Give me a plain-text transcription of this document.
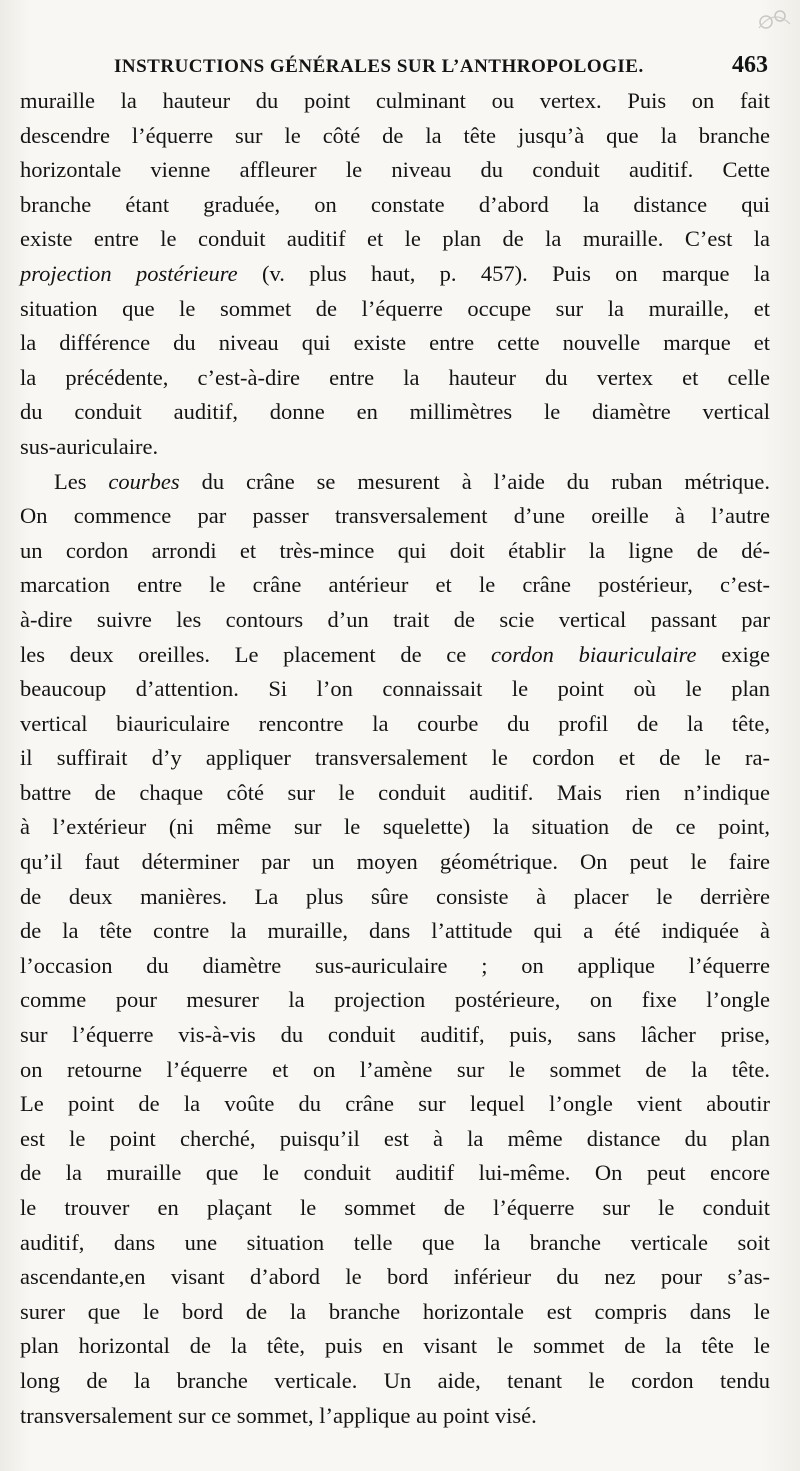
INSTRUCTIONS GÉNÉRALES SUR L’ANTHROPOLOGIE.	463
muraille la hauteur du point culminant ou vertex. Puis on fait
descendre l’équerre sur le côté de la tête jusqu’à que la branche
horizontale vienne affleurer le niveau du conduit auditif. Cette
branche étant graduée, on constate d’abord la distance qui
existe entre le conduit auditif et le plan de la muraille. C’est la
projection postérieure (v. plus haut, p. 457). Puis on marque la
situation que le sommet de l’équerre occupe sur la muraille, et
la différence du niveau qui existe entre cette nouvelle marque et
la précédente, c’est-à-dire entre la hauteur du vertex et celle
du conduit auditif, donne en millimètres le diamètre vertical
sus-auriculaire.
Les courbes du crâne se mesurent à l’aide du ruban métrique.
On commence par passer transversalement d’une oreille à l’autre
un cordon arrondi et très-mince qui doit établir la ligne de dé-
marcation entre le crâne antérieur et le crâne postérieur, c’est-
à-dire suivre les contours d’un trait de scie vertical passant par
les deux oreilles. Le placement de ce cordon biauriculaire exige
beaucoup d’attention. Si l’on connaissait le point où le plan
vertical biauriculaire rencontre la courbe du profil de la tête,
il suffirait d’y appliquer transversalement le cordon et de le ra-
battre de chaque côté sur le conduit auditif. Mais rien n’indique
à l’extérieur (ni même sur le squelette) la situation de ce point,
qu’il faut déterminer par un moyen géométrique. On peut le faire
de deux manières. La plus sûre consiste à placer le derrière
de la tête contre la muraille, dans l’attitude qui a été indiquée à
l’occasion du diamètre sus-auriculaire ; on applique l’équerre
comme pour mesurer la projection postérieure, on fixe l’ongle
sur l’équerre vis-à-vis du conduit auditif, puis, sans lâcher prise,
on retourne l’équerre et on l’amène sur le sommet de la tête.
Le point de la voûte du crâne sur lequel l’ongle vient aboutir
est le point cherché, puisqu’il est à la même distance du plan
de la muraille que le conduit auditif lui-même. On peut encore
le trouver en plaçant le sommet de l’équerre sur le conduit
auditif, dans une situation telle que la branche verticale soit
ascendante,en visant d’abord le bord inférieur du nez pour s’as-
surer que le bord de la branche horizontale est compris dans le
plan horizontal de la tête, puis en visant le sommet de la tête le
long de la branche verticale. Un aide, tenant le cordon tendu
transversalement sur ce sommet, l’applique au point visé.
